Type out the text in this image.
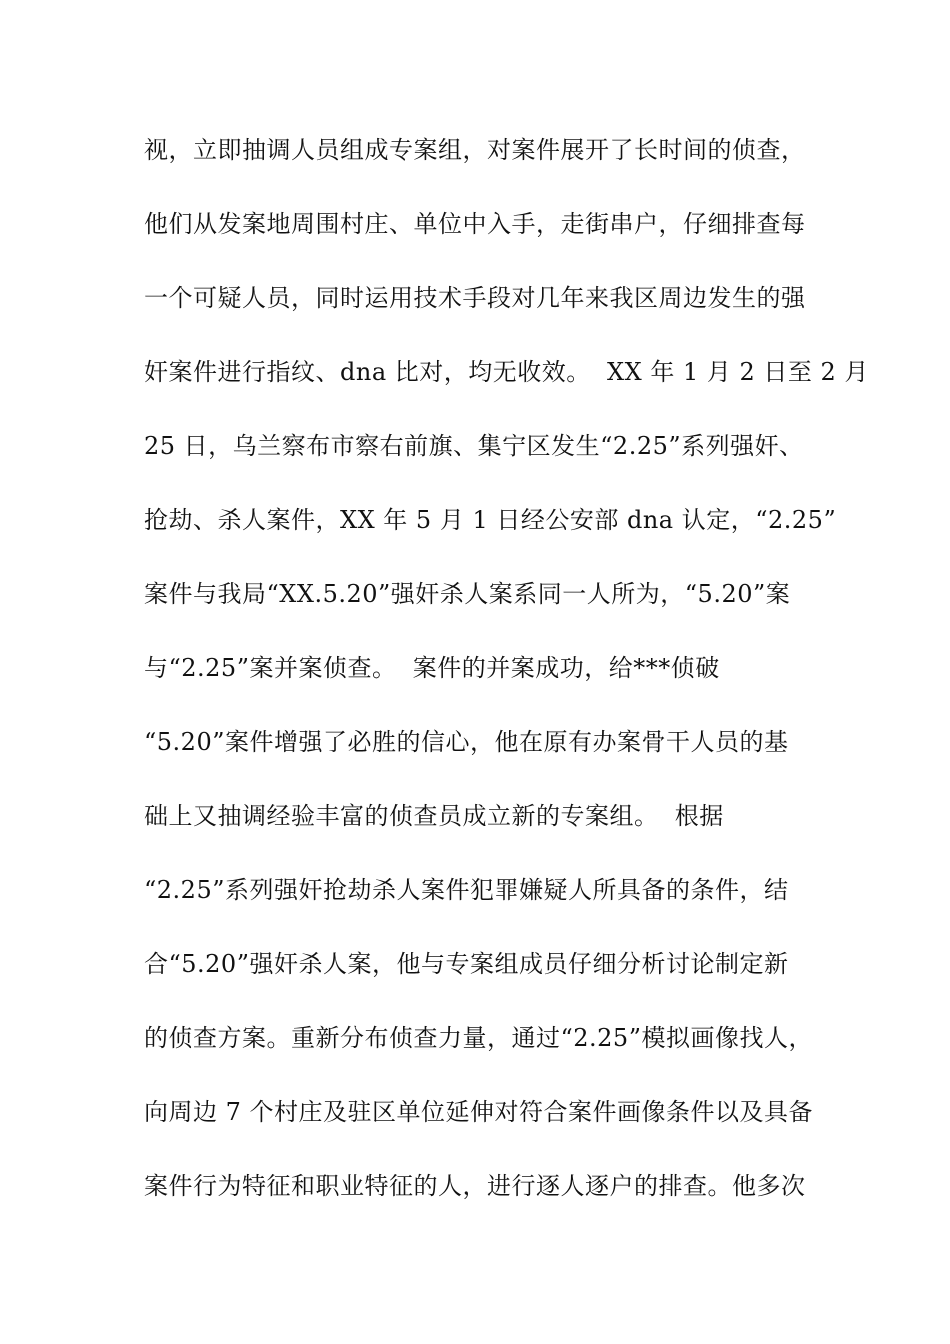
视，立即抽调人员组成专案组，对案件展开了长时间的侦查，
他们从发案地周围村庄、单位中入手，走街串户，仔细排查每
一个可疑人员，同时运用技术手段对几年来我区周边发生的强
奸案件进行指纹、dna 比对，均无收效。  XX 年 1 月 2 日至 2 月
25 日，乌兰察布市察右前旗、集宁区发生“2.25”系列强奸、
抢劫、杀人案件，XX 年 5 月 1 日经公安部 dna 认定，“2.25”
案件与我局“XX.5.20”强奸杀人案系同一人所为，“5.20”案
与“2.25”案并案侦查。  案件的并案成功，给***侦破
“5.20”案件增强了必胜的信心，他在原有办案骨干人员的基
础上又抽调经验丰富的侦查员成立新的专案组。  根据
“2.25”系列强奸抢劫杀人案件犯罪嫌疑人所具备的条件，结
合“5.20”强奸杀人案，他与专案组成员仔细分析讨论制定新
的侦查方案。重新分布侦查力量，通过“2.25”模拟画像找人，
向周边 7 个村庄及驻区单位延伸对符合案件画像条件以及具备
案件行为特征和职业特征的人，进行逐人逐户的排查。他多次
